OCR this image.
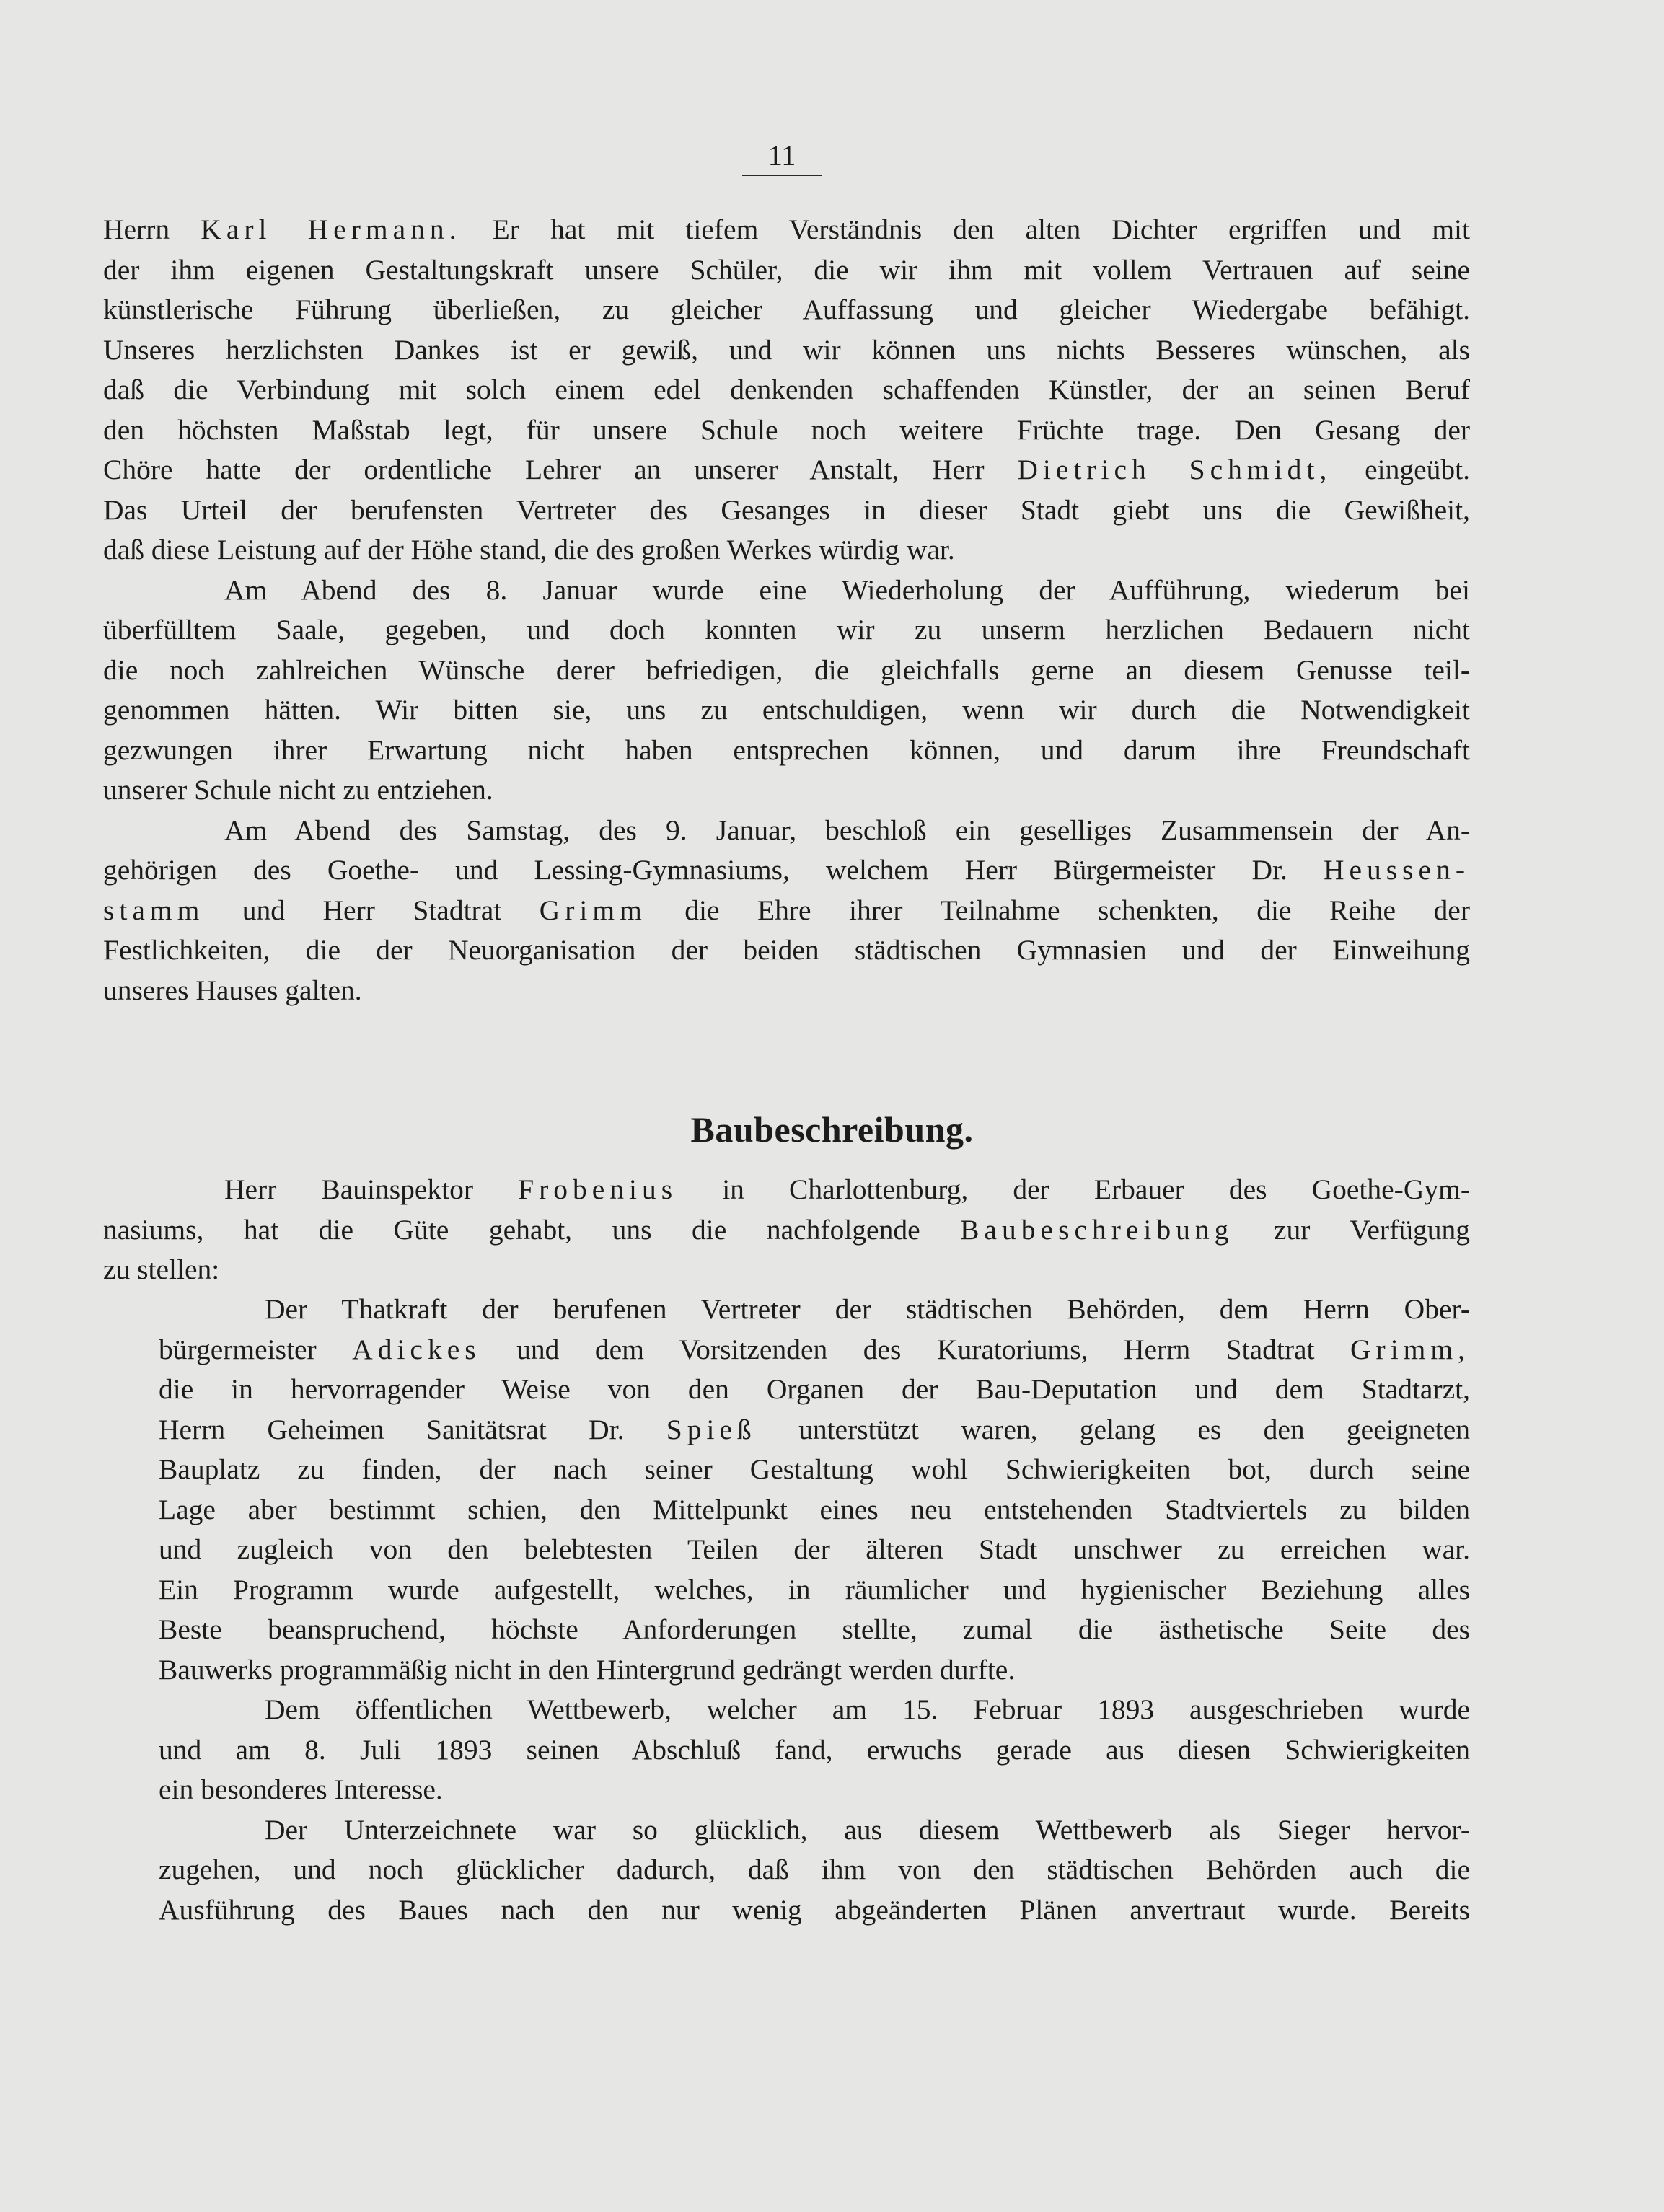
11
Herrn Karl Hermann. Er hat mit tiefem Verständnis den alten Dichter ergriffen und mit
der ihm eigenen Gestaltungskraft unsere Schüler, die wir ihm mit vollem Vertrauen auf seine
künstlerische Führung überließen, zu gleicher Auffassung und gleicher Wiedergabe befähigt.
Unseres herzlichsten Dankes ist er gewiß, und wir können uns nichts Besseres wünschen, als
daß die Verbindung mit solch einem edel denkenden schaffenden Künstler, der an seinen Beruf
den höchsten Maßstab legt, für unsere Schule noch weitere Früchte trage. Den Gesang der
Chöre hatte der ordentliche Lehrer an unserer Anstalt, Herr Dietrich Schmidt, eingeübt.
Das Urteil der berufensten Vertreter des Gesanges in dieser Stadt giebt uns die Gewißheit,
daß diese Leistung auf der Höhe stand, die des großen Werkes würdig war.
Am Abend des 8. Januar wurde eine Wiederholung der Aufführung, wiederum bei
überfülltem Saale, gegeben, und doch konnten wir zu unserm herzlichen Bedauern nicht
die noch zahlreichen Wünsche derer befriedigen, die gleichfalls gerne an diesem Genusse teil-
genommen hätten. Wir bitten sie, uns zu entschuldigen, wenn wir durch die Notwendigkeit
gezwungen ihrer Erwartung nicht haben entsprechen können, und darum ihre Freundschaft
unserer Schule nicht zu entziehen.
Am Abend des Samstag, des 9. Januar, beschloß ein geselliges Zusammensein der An-
gehörigen des Goethe- und Lessing-Gymnasiums, welchem Herr Bürgermeister Dr. Heussen-
stamm und Herr Stadtrat Grimm die Ehre ihrer Teilnahme schenkten, die Reihe der
Festlichkeiten, die der Neuorganisation der beiden städtischen Gymnasien und der Einweihung
unseres Hauses galten.
Baubeschreibung.
Herr Bauinspektor Frobenius in Charlottenburg, der Erbauer des Goethe-Gym-
nasiums, hat die Güte gehabt, uns die nachfolgende Baubeschreibung zur Verfügung
zu stellen:
Der Thatkraft der berufenen Vertreter der städtischen Behörden, dem Herrn Ober-
bürgermeister Adickes und dem Vorsitzenden des Kuratoriums, Herrn Stadtrat Grimm,
die in hervorragender Weise von den Organen der Bau-Deputation und dem Stadtarzt,
Herrn Geheimen Sanitätsrat Dr. Spieß unterstützt waren, gelang es den geeigneten
Bauplatz zu finden, der nach seiner Gestaltung wohl Schwierigkeiten bot, durch seine
Lage aber bestimmt schien, den Mittelpunkt eines neu entstehenden Stadtviertels zu bilden
und zugleich von den belebtesten Teilen der älteren Stadt unschwer zu erreichen war.
Ein Programm wurde aufgestellt, welches, in räumlicher und hygienischer Beziehung alles
Beste beanspruchend, höchste Anforderungen stellte, zumal die ästhetische Seite des
Bauwerks programmäßig nicht in den Hintergrund gedrängt werden durfte.
Dem öffentlichen Wettbewerb, welcher am 15. Februar 1893 ausgeschrieben wurde
und am 8. Juli 1893 seinen Abschluß fand, erwuchs gerade aus diesen Schwierigkeiten
ein besonderes Interesse.
Der Unterzeichnete war so glücklich, aus diesem Wettbewerb als Sieger hervor-
zugehen, und noch glücklicher dadurch, daß ihm von den städtischen Behörden auch die
Ausführung des Baues nach den nur wenig abgeänderten Plänen anvertraut wurde. Bereits
